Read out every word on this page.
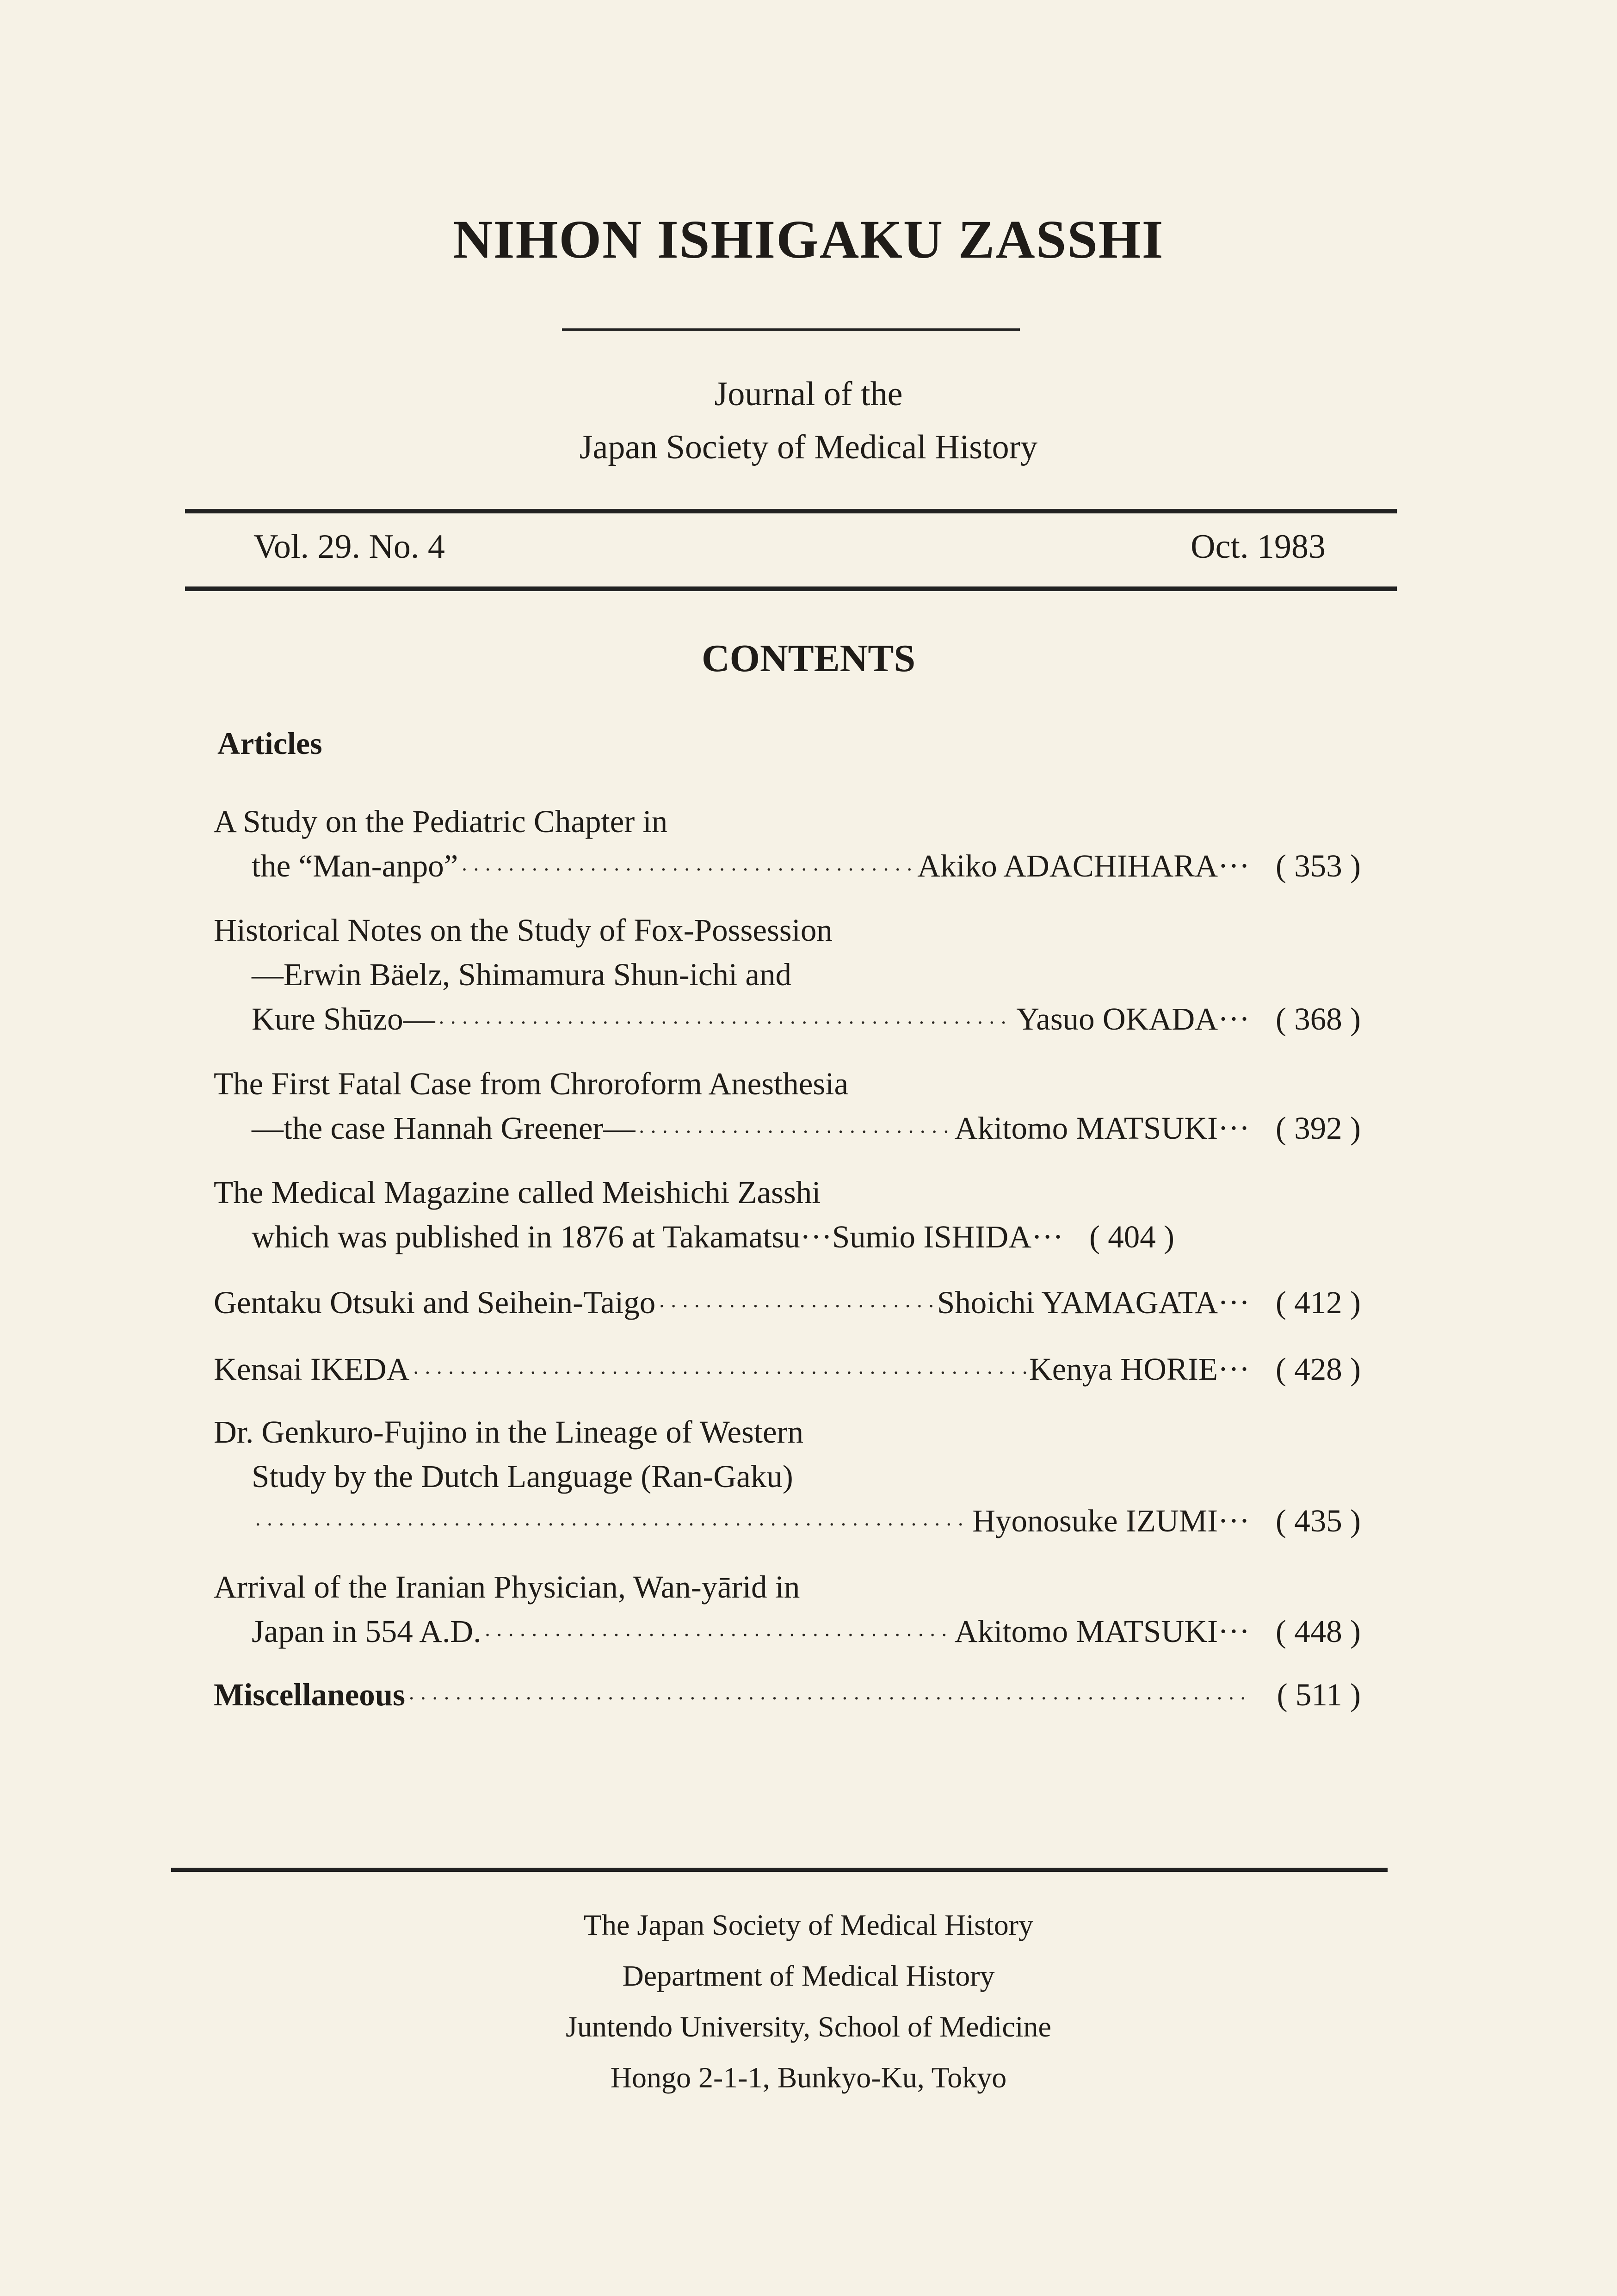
NIHON ISHIGAKU ZASSHI
Journal of the
Japan Society of Medical History
Vol. 29. No. 4	Oct. 1983
CONTENTS
Articles
A Study on the Pediatric Chapter in
the “Man-anpo” ·····	Akiko ADACHIHARA··· ( 353 )
Historical Notes on the Study of Fox-Possession
—Erwin Bäelz, Shimamura Shun-ichi and
Kure Shūzo— ·····	Yasuo OKADA··· ( 368 )
The First Fatal Case from Chroroform Anesthesia
—the case Hannah Greener— ·····	Akitomo MATSUKI··· ( 392 )
The Medical Magazine called Meishichi Zasshi
which was published in 1876 at Takamatsu··· Sumio ISHIDA··· ( 404 )
Gentaku Otsuki and Seihein-Taigo ·····	Shoichi YAMAGATA··· ( 412 )
Kensai IKEDA ·····	Kenya HORIE··· ( 428 )
Dr. Genkuro-Fujino in the Lineage of Western
Study by the Dutch Language (Ran-Gaku)
·····
Hyonosuke IZUMI··· ( 435 )
Arrival of the Iranian Physician, Wan-yārid in
Japan in 554 A.D. ·····	Akitomo MATSUKI··· ( 448 )
Miscellaneous ·····	( 511 )
The Japan Society of Medical History
Department of Medical History
Juntendo University, School of Medicine
Hongo 2-1-1, Bunkyo-Ku, Tokyo
